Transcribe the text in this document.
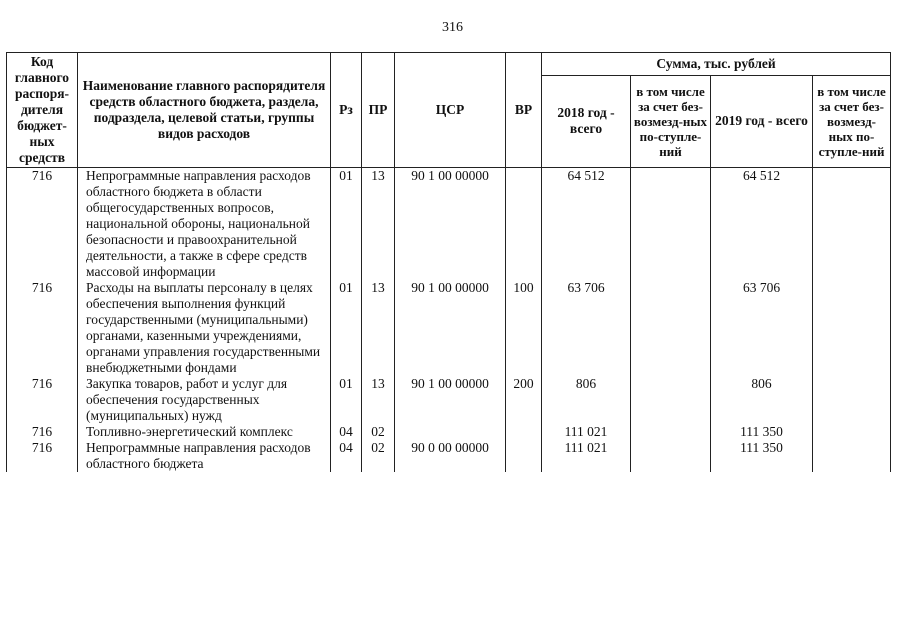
316
Код главного распоря-дителя бюджет-ных средств	Наименование главного распорядителя средств областного бюджета, раздела, подраздела, целевой статьи, группы видов расходов	Рз	ПР	ЦСР	ВР	Сумма, тыс. рублей			
						2018 год - всего	в том числе за счет без-возмезд-ных по-ступле-ний	2019 год - всего	в том числе за счет без-возмезд-ных по-ступле-ний
716	Непрограммные направления расходов областного бюджета в области общегосударственных вопросов, национальной обороны, национальной безопасности и правоохранительной деятельности, а также в сфере средств массовой информации	01	13	90 1 00 00000		64 512		64 512	
716	Расходы на выплаты персоналу в целях обеспечения выполнения функций государственными (муниципальными) органами, казенными учреждениями, органами управления государственными внебюджетными фондами	01	13	90 1 00 00000	100	63 706		63 706	
716	Закупка товаров, работ и услуг для обеспечения государственных (муниципальных) нужд	01	13	90 1 00 00000	200	806		806	
716	Топливно-энергетический комплекс	04	02			111 021		111 350	
716	Непрограммные направления расходов областного бюджета	04	02	90 0 00 00000		111 021		111 350	
